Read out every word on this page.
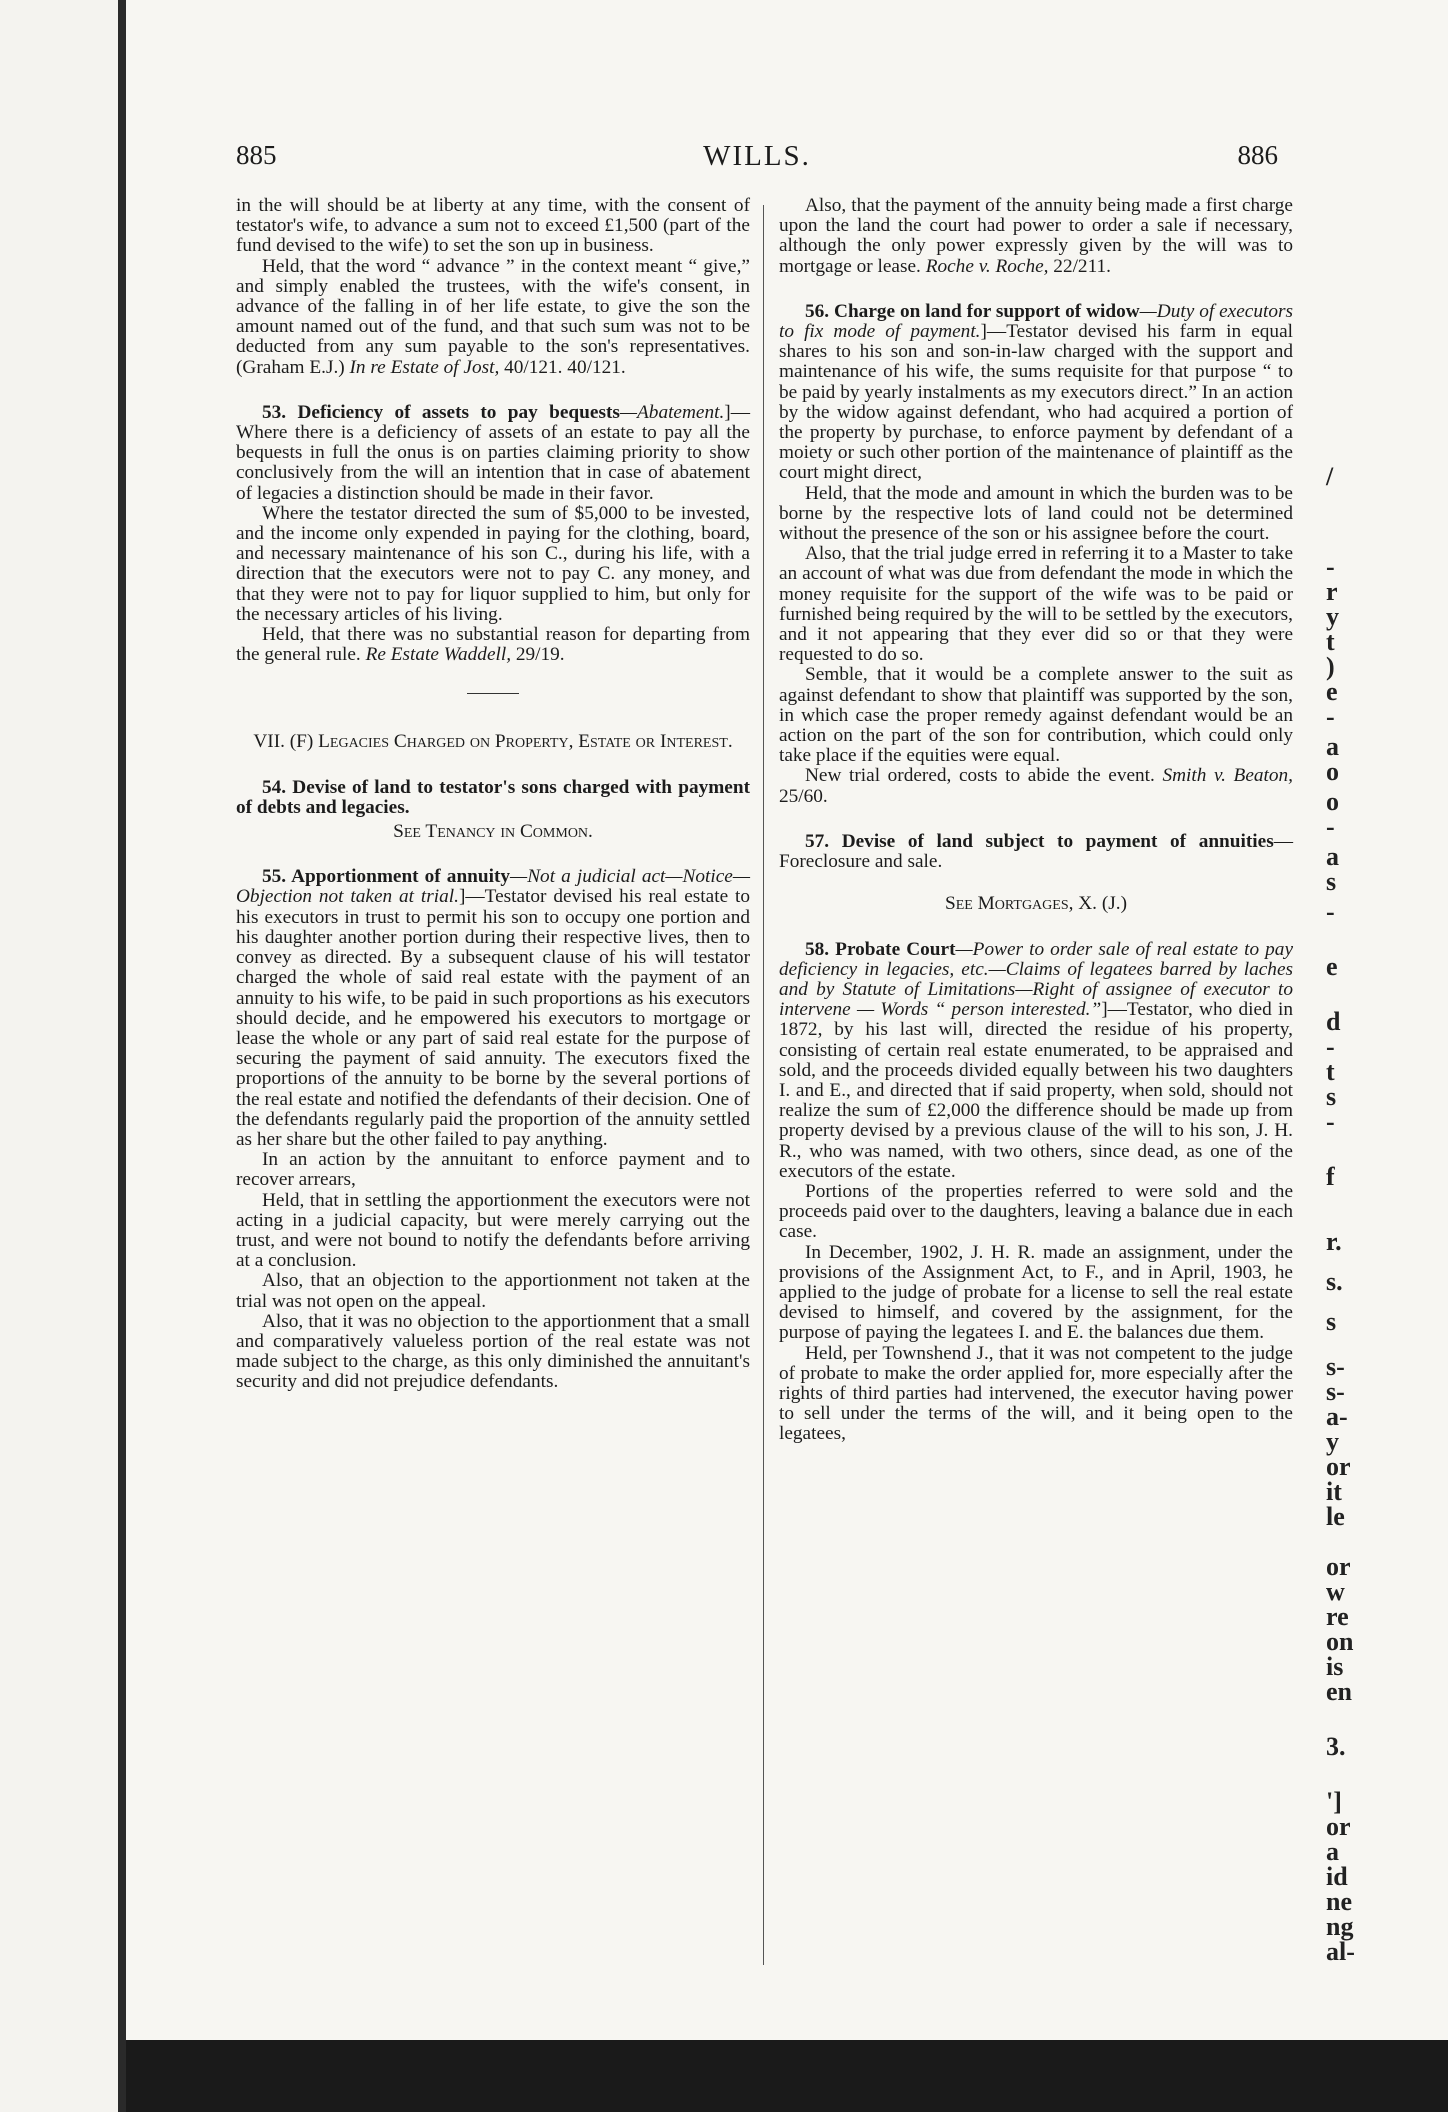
885	WILLS.	886

in the will should be at liberty at any time, with the consent of testator's wife, to advance a sum not to exceed £1,500 (part of the fund devised to the wife) to set the son up in business.

Held, that the word “ advance ” in the context meant “ give,” and simply enabled the trustees, with the wife's consent, in advance of the falling in of her life estate, to give the son the amount named out of the fund, and that such sum was not to be deducted from any sum payable to the son's representatives. (Graham E.J.) In re Estate of Jost, 40/121. 40/121.

53. Deficiency of assets to pay bequests—Abatement.]—Where there is a deficiency of assets of an estate to pay all the bequests in full the onus is on parties claiming priority to show conclusively from the will an intention that in case of abatement of legacies a distinction should be made in their favor.

Where the testator directed the sum of $5,000 to be invested, and the income only expended in paying for the clothing, board, and necessary maintenance of his son C., during his life, with a direction that the executors were not to pay C. any money, and that they were not to pay for liquor supplied to him, but only for the necessary articles of his living.

Held, that there was no substantial reason for departing from the general rule. Re Estate Waddell, 29/19.

VII. (F) Legacies Charged on Property, Estate or Interest.

54. Devise of land to testator's sons charged with payment of debts and legacies.

See Tenancy in Common.

55. Apportionment of annuity—Not a judicial act—Notice—Objection not taken at trial.]—Testator devised his real estate to his executors in trust to permit his son to occupy one portion and his daughter another portion during their respective lives, then to convey as directed. By a subsequent clause of his will testator charged the whole of said real estate with the payment of an annuity to his wife, to be paid in such proportions as his executors should decide, and he empowered his executors to mortgage or lease the whole or any part of said real estate for the purpose of securing the payment of said annuity. The executors fixed the proportions of the annuity to be borne by the several portions of the real estate and notified the defendants of their decision. One of the defendants regularly paid the proportion of the annuity settled as her share but the other failed to pay anything.

In an action by the annuitant to enforce payment and to recover arrears,

Held, that in settling the apportionment the executors were not acting in a judicial capacity, but were merely carrying out the trust, and were not bound to notify the defendants before arriving at a conclusion.

Also, that an objection to the apportionment not taken at the trial was not open on the appeal.

Also, that it was no objection to the apportionment that a small and comparatively valueless portion of the real estate was not made subject to the charge, as this only diminished the annuitant's security and did not prejudice defendants.

Also, that the payment of the annuity being made a first charge upon the land the court had power to order a sale if necessary, although the only power expressly given by the will was to mortgage or lease. Roche v. Roche, 22/211.

56. Charge on land for support of widow—Duty of executors to fix mode of payment.]—Testator devised his farm in equal shares to his son and son-in-law charged with the support and maintenance of his wife, the sums requisite for that purpose “ to be paid by yearly instalments as my executors direct.” In an action by the widow against defendant, who had acquired a portion of the property by purchase, to enforce payment by defendant of a moiety or such other portion of the maintenance of plaintiff as the court might direct,

Held, that the mode and amount in which the burden was to be borne by the respective lots of land could not be determined without the presence of the son or his assignee before the court.

Also, that the trial judge erred in referring it to a Master to take an account of what was due from defendant the mode in which the money requisite for the support of the wife was to be paid or furnished being required by the will to be settled by the executors, and it not appearing that they ever did so or that they were requested to do so.

Semble, that it would be a complete answer to the suit as against defendant to show that plaintiff was supported by the son, in which case the proper remedy against defendant would be an action on the part of the son for contribution, which could only take place if the equities were equal.

New trial ordered, costs to abide the event. Smith v. Beaton, 25/60.

57. Devise of land subject to payment of annuities—Foreclosure and sale.

See Mortgages, X. (J.)

58. Probate Court—Power to order sale of real estate to pay deficiency in legacies, etc.—Claims of legatees barred by laches and by Statute of Limitations—Right of assignee of executor to intervene — Words “ person interested.”]—Testator, who died in 1872, by his last will, directed the residue of his property, consisting of certain real estate enumerated, to be appraised and sold, and the proceeds divided equally between his two daughters I. and E., and directed that if said property, when sold, should not realize the sum of £2,000 the difference should be made up from property devised by a previous clause of the will to his son, J. H. R., who was named, with two others, since dead, as one of the executors of the estate.

Portions of the properties referred to were sold and the proceeds paid over to the daughters, leaving a balance due in each case.

In December, 1902, J. H. R. made an assignment, under the provisions of the Assignment Act, to F., and in April, 1903, he applied to the judge of probate for a license to sell the real estate devised to himself, and covered by the assignment, for the purpose of paying the legatees I. and E. the balances due them.

Held, per Townshend J., that it was not competent to the judge of probate to make the order applied for, more especially after the rights of third parties had intervened, the executor having power to sell under the terms of the will, and it being open to the legatees,

/
-
r
y
t
)
e
-
a
o
o
-
a
s
-
e
d
-
t
s
-
f
r.
s.
s
s-
s-
a-
y
or
it
le
or
w
re
on
is
en
3.
']
or
a
id
ne
ng
al-
